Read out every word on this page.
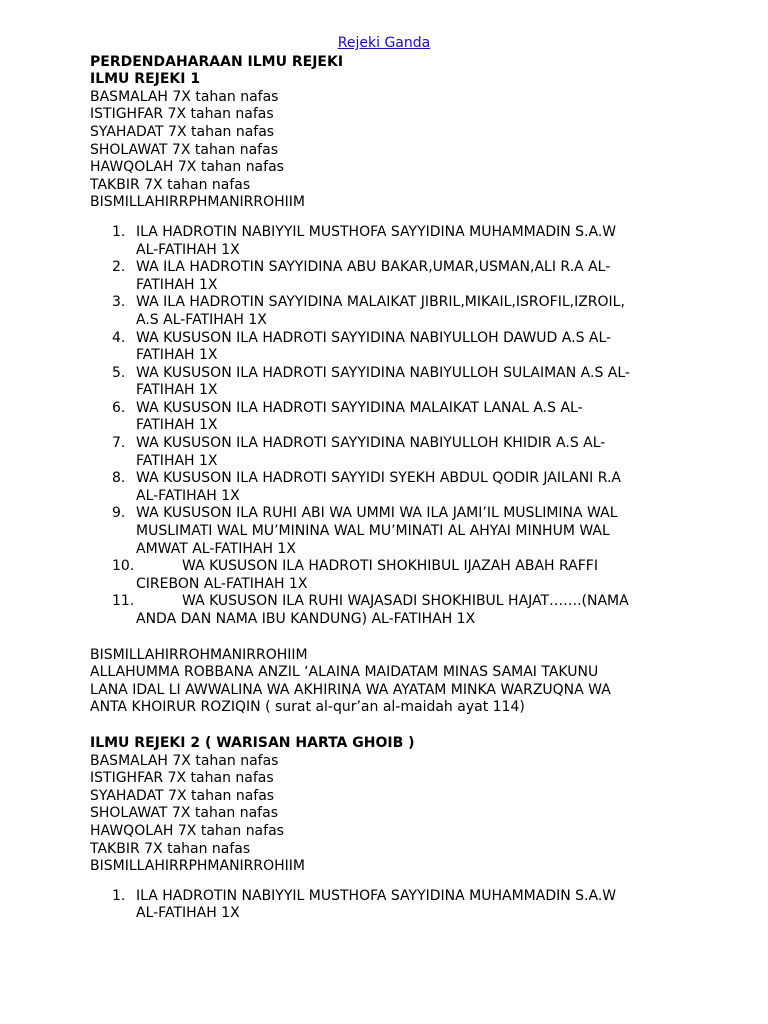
Rejeki Ganda
PERDENDAHARAAN ILMU REJEKI
ILMU REJEKI 1
BASMALAH 7X tahan nafas
ISTIGHFAR 7X tahan nafas
SYAHADAT 7X tahan nafas
SHOLAWAT 7X tahan nafas
HAWQOLAH 7X tahan nafas
TAKBIR 7X tahan nafas
BISMILLAHIRRPHMANIRROHIIM
1. ILA HADROTIN NABIYYIL MUSTHOFA SAYYIDINA MUHAMMADIN S.A.W
AL-FATIHAH 1X
2. WA ILA HADROTIN SAYYIDINA ABU BAKAR,UMAR,USMAN,ALI R.A AL-
FATIHAH 1X
3. WA ILA HADROTIN SAYYIDINA MALAIKAT JIBRIL,MIKAIL,ISROFIL,IZROIL,
A.S AL-FATIHAH 1X
4. WA KUSUSON ILA HADROTI SAYYIDINA NABIYULLOH DAWUD A.S AL-
FATIHAH 1X
5. WA KUSUSON ILA HADROTI SAYYIDINA NABIYULLOH SULAIMAN A.S AL-
FATIHAH 1X
6. WA KUSUSON ILA HADROTI SAYYIDINA MALAIKAT LANAL A.S AL-
FATIHAH 1X
7. WA KUSUSON ILA HADROTI SAYYIDINA NABIYULLOH KHIDIR A.S AL-
FATIHAH 1X
8. WA KUSUSON ILA HADROTI SAYYIDI SYEKH ABDUL QODIR JAILANI R.A
AL-FATIHAH 1X
9. WA KUSUSON ILA RUHI ABI WA UMMI WA ILA JAMI’IL MUSLIMINA WAL
MUSLIMATI WAL MU’MININA WAL MU’MINATI AL AHYAI MINHUM WAL
AMWAT AL-FATIHAH 1X
10.	WA KUSUSON ILA HADROTI SHOKHIBUL IJAZAH ABAH RAFFI
CIREBON AL-FATIHAH 1X
11.	WA KUSUSON ILA RUHI WAJASADI SHOKHIBUL HAJAT…….(NAMA
ANDA DAN NAMA IBU KANDUNG) AL-FATIHAH 1X
BISMILLAHIRROHMANIRROHIIM
ALLAHUMMA ROBBANA ANZIL ‘ALAINA MAIDATAM MINAS SAMAI TAKUNU
LANA IDAL LI AWWALINA WA AKHIRINA WA AYATAM MINKA WARZUQNA WA
ANTA KHOIRUR ROZIQIN ( surat al-qur’an al-maidah ayat 114)
ILMU REJEKI 2 ( WARISAN HARTA GHOIB )
BASMALAH 7X tahan nafas
ISTIGHFAR 7X tahan nafas
SYAHADAT 7X tahan nafas
SHOLAWAT 7X tahan nafas
HAWQOLAH 7X tahan nafas
TAKBIR 7X tahan nafas
BISMILLAHIRRPHMANIRROHIIM
1. ILA HADROTIN NABIYYIL MUSTHOFA SAYYIDINA MUHAMMADIN S.A.W
AL-FATIHAH 1X
